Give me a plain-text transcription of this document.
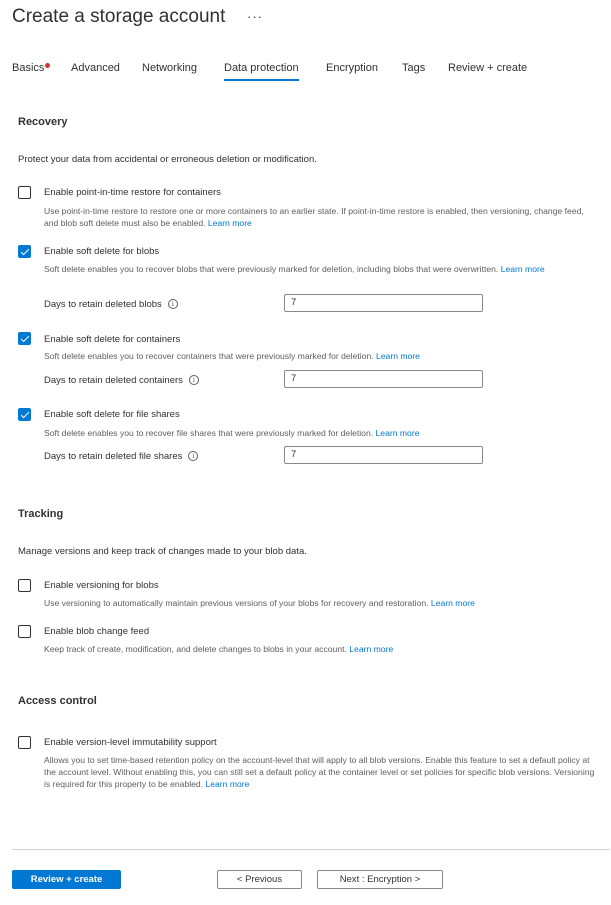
Create a storage account ···
Basics Advanced Networking Data protection Encryption Tags Review + create
Recovery
Protect your data from accidental or erroneous deletion or modification.
Enable point-in-time restore for containers
Use point-in-time restore to restore one or more containers to an earlier state. If point-in-time restore is enabled, then versioning, change feed, and blob soft delete must also be enabled. Learn more
Enable soft delete for blobs
Soft delete enables you to recover blobs that were previously marked for deletion, including blobs that were overwritten. Learn more
Days to retain deleted blobs i	7
Enable soft delete for containers
Soft delete enables you to recover containers that were previously marked for deletion. Learn more
Days to retain deleted containers i	7
Enable soft delete for file shares
Soft delete enables you to recover file shares that were previously marked for deletion. Learn more
Days to retain deleted file shares i	7
Tracking
Manage versions and keep track of changes made to your blob data.
Enable versioning for blobs
Use versioning to automatically maintain previous versions of your blobs for recovery and restoration. Learn more
Enable blob change feed
Keep track of create, modification, and delete changes to blobs in your account. Learn more
Access control
Enable version-level immutability support
Allows you to set time-based retention policy on the account-level that will apply to all blob versions. Enable this feature to set a default policy at the account level. Without enabling this, you can still set a default policy at the container level or set policies for specific blob versions. Versioning is required for this property to be enabled. Learn more
Review + create	< Previous	Next : Encryption >
